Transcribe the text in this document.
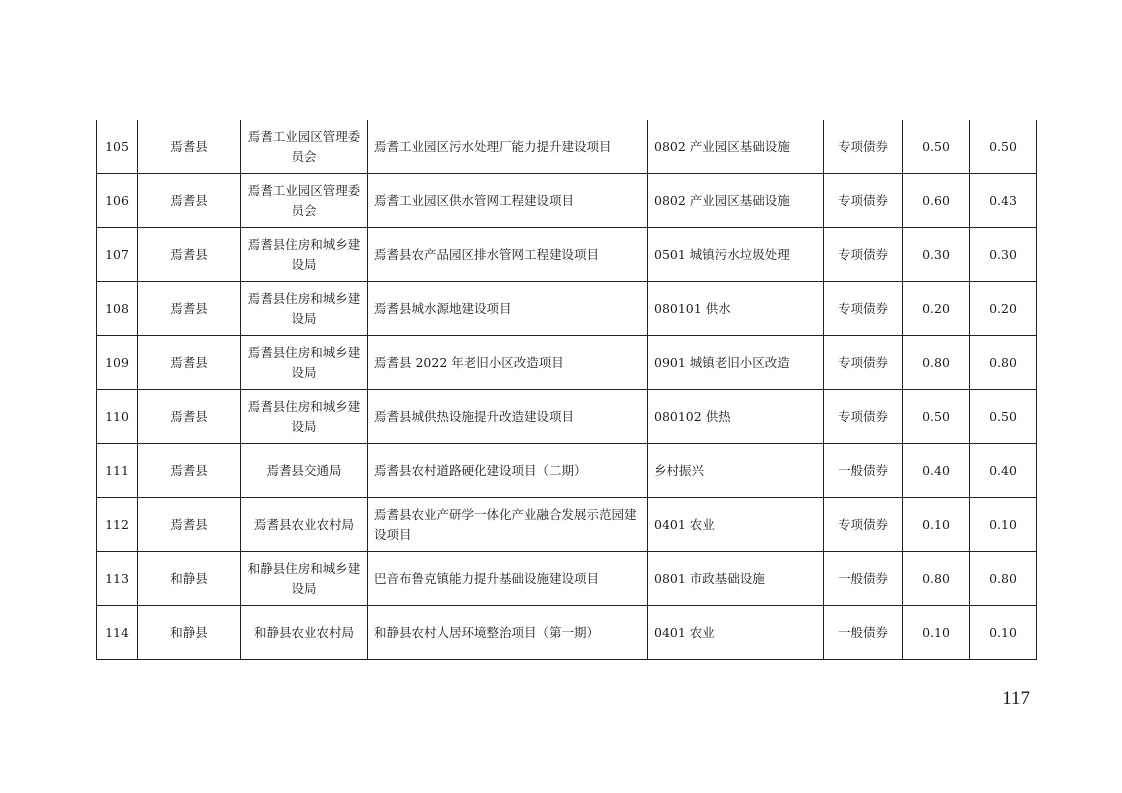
105	焉耆县	焉耆工业园区管理委员会	焉耆工业园区污水处理厂能力提升建设项目	0802 产业园区基础设施	专项债券	0.50	0.50
106	焉耆县	焉耆工业园区管理委员会	焉耆工业园区供水管网工程建设项目	0802 产业园区基础设施	专项债券	0.60	0.43
107	焉耆县	焉耆县住房和城乡建设局	焉耆县农产品园区排水管网工程建设项目	0501 城镇污水垃圾处理	专项债券	0.30	0.30
108	焉耆县	焉耆县住房和城乡建设局	焉耆县城水源地建设项目	080101 供水	专项债券	0.20	0.20
109	焉耆县	焉耆县住房和城乡建设局	焉耆县 2022 年老旧小区改造项目	0901 城镇老旧小区改造	专项债券	0.80	0.80
110	焉耆县	焉耆县住房和城乡建设局	焉耆县城供热设施提升改造建设项目	080102 供热	专项债券	0.50	0.50
111	焉耆县	焉耆县交通局	焉耆县农村道路硬化建设项目（二期）	乡村振兴	一般债券	0.40	0.40
112	焉耆县	焉耆县农业农村局	焉耆县农业产研学一体化产业融合发展示范园建设项目	0401 农业	专项债券	0.10	0.10
113	和静县	和静县住房和城乡建设局	巴音布鲁克镇能力提升基础设施建设项目	0801 市政基础设施	一般债券	0.80	0.80
114	和静县	和静县农业农村局	和静县农村人居环境整治项目（第一期）	0401 农业	一般债券	0.10	0.10
117
